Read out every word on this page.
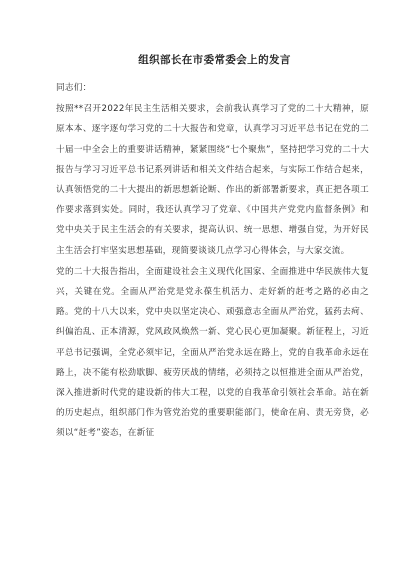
组织部长在市委常委会上的发言
同志们：

按照**召开2022年民主生活相关要求，会前我认真学习了党的二十大精神，原原本本、逐字逐句学习党的二十大报告和党章，认真学习习近平总书记在党的二十届一中全会上的重要讲话精神，紧紧围绕“七个聚焦”，坚持把学习党的二十大报告与学习习近平总书记系列讲话和相关文件结合起来，与实际工作结合起来，认真领悟党的二十大提出的新思想新论断、作出的新部署新要求，真正把各项工作要求落到实处。同时，我还认真学习了党章、《中国共产党党内监督条例》和党中央关于民主生活会的有关要求，提高认识、统一思想、增强自觉，为开好民主生活会打牢坚实思想基础，现简要谈谈几点学习心得体会，与大家交流。

党的二十大报告指出，全面建设社会主义现代化国家、全面推进中华民族伟大复兴，关键在党。全面从严治党是党永葆生机活力、走好新的赶考之路的必由之路。党的十八大以来，党中央以坚定决心、顽强意志全面从严治党，猛药去疴、纠偏治乱、正本清源，党风政风焕然一新、党心民心更加凝聚。新征程上，习近平总书记强调，全党必须牢记，全面从严治党永远在路上，党的自我革命永远在路上，决不能有松劲歇脚、疲劳厌战的情绪，必须持之以恒推进全面从严治党，深入推进新时代党的建设新的伟大工程，以党的自我革命引领社会革命。站在新的历史起点，组织部门作为管党治党的重要职能部门，使命在肩、责无旁贷，必须以“赶考”姿态，在新征
